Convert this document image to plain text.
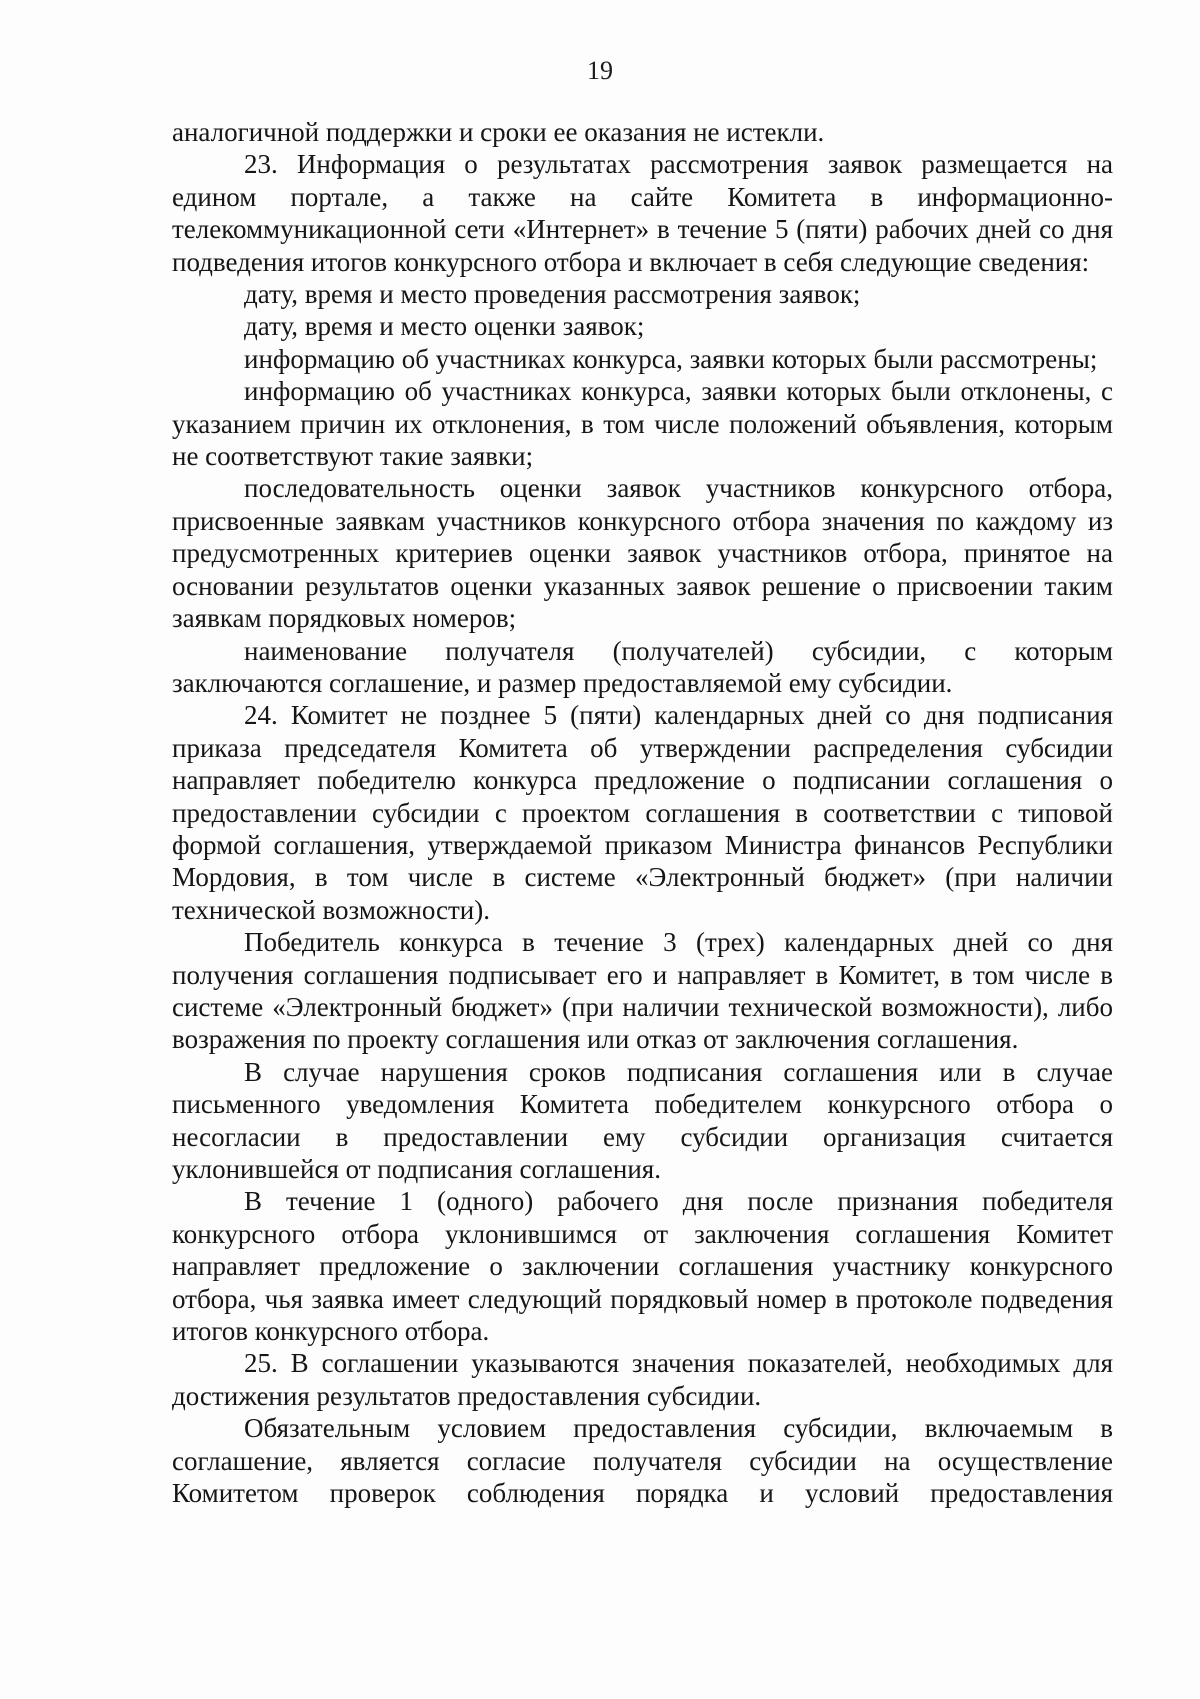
19

аналогичной поддержки и сроки ее оказания не истекли.

23. Информация о результатах рассмотрения заявок размещается на едином портале, а также на сайте Комитета в информационно-телекоммуникационной сети «Интернет» в течение 5 (пяти) рабочих дней со дня подведения итогов конкурсного отбора и включает в себя следующие сведения:

дату, время и место проведения рассмотрения заявок;

дату, время и место оценки заявок;

информацию об участниках конкурса, заявки которых были рассмотрены;

информацию об участниках конкурса, заявки которых были отклонены, с указанием причин их отклонения, в том числе положений объявления, которым не соответствуют такие заявки;

последовательность оценки заявок участников конкурсного отбора, присвоенные заявкам участников конкурсного отбора значения по каждому из предусмотренных критериев оценки заявок участников отбора, принятое на основании результатов оценки указанных заявок решение о присвоении таким заявкам порядковых номеров;

наименование получателя (получателей) субсидии, с которым заключаются соглашение, и размер предоставляемой ему субсидии.

24. Комитет не позднее 5 (пяти) календарных дней со дня подписания приказа председателя Комитета об утверждении распределения субсидии направляет победителю конкурса предложение о подписании соглашения о предоставлении субсидии с проектом соглашения в соответствии с типовой формой соглашения, утверждаемой приказом Министра финансов Республики Мордовия, в том числе в системе «Электронный бюджет» (при наличии технической возможности).

Победитель конкурса в течение 3 (трех) календарных дней со дня получения соглашения подписывает его и направляет в Комитет, в том числе в системе «Электронный бюджет» (при наличии технической возможности), либо возражения по проекту соглашения или отказ от заключения соглашения.

В случае нарушения сроков подписания соглашения или в случае письменного уведомления Комитета победителем конкурсного отбора о несогласии в предоставлении ему субсидии организация считается уклонившейся от подписания соглашения.

В течение 1 (одного) рабочего дня после признания победителя конкурсного отбора уклонившимся от заключения соглашения Комитет направляет предложение о заключении соглашения участнику конкурсного отбора, чья заявка имеет следующий порядковый номер в протоколе подведения итогов конкурсного отбора.

25. В соглашении указываются значения показателей, необходимых для достижения результатов предоставления субсидии.

Обязательным условием предоставления субсидии, включаемым в соглашение, является согласие получателя субсидии на осуществление Комитетом проверок соблюдения порядка и условий предоставления
